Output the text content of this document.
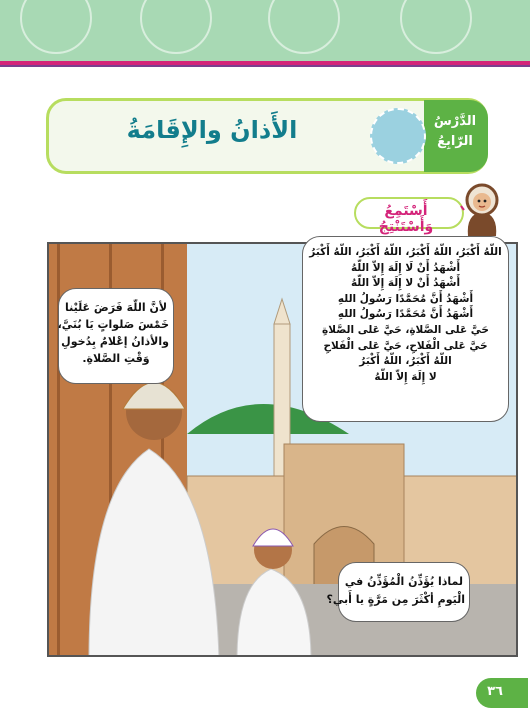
الأَذانُ والإِقَامَةُ	الدَّرْسُ
الرّابِعُ
أَسْتَمِعُ وَأَسْتَنْتِجُ
اللّهُ أَكْبَرُ، اللّهُ أَكْبَرُ، اللّهُ أَكْبَرُ، اللّهُ أَكْبَرُ
أَشْهَدُ أَنْ لَا إِلَهَ إِلاّ اللّهُ
أَشْهَدُ أَنْ لا إِلَهَ إِلاّ اللّهُ
أَشْهَدُ أَنَّ مُحَمَّدًا رَسُولُ اللهِ
أَشْهَدُ أَنَّ مُحَمَّدًا رَسُولُ اللهِ
حَيَّ عَلى الصَّلاةِ، حَيَّ عَلى الصَّلاةِ
حَيَّ عَلى الْفَلاحِ، حَيَّ عَلى الْفَلاحِ
اللّهُ أَكْبَرُ، اللّهُ أَكْبَرُ
لا إِلَهَ إِلاّ اللّهُ
لأنَّ اللّهَ فَرَضَ عَلَيْنا
خَمْسَ صَلواتٍ يَا بُنَيَّ،
والأذانُ إعْلامٌ بِدُخولِ
وَقْتِ الصَّلاةِ.
لماذا يُؤَذِّنُ الْمُؤَذِّنُ في
الْيَومِ أكْثَرَ مِن مَرَّةٍ يا أَبي؟
٣٦
